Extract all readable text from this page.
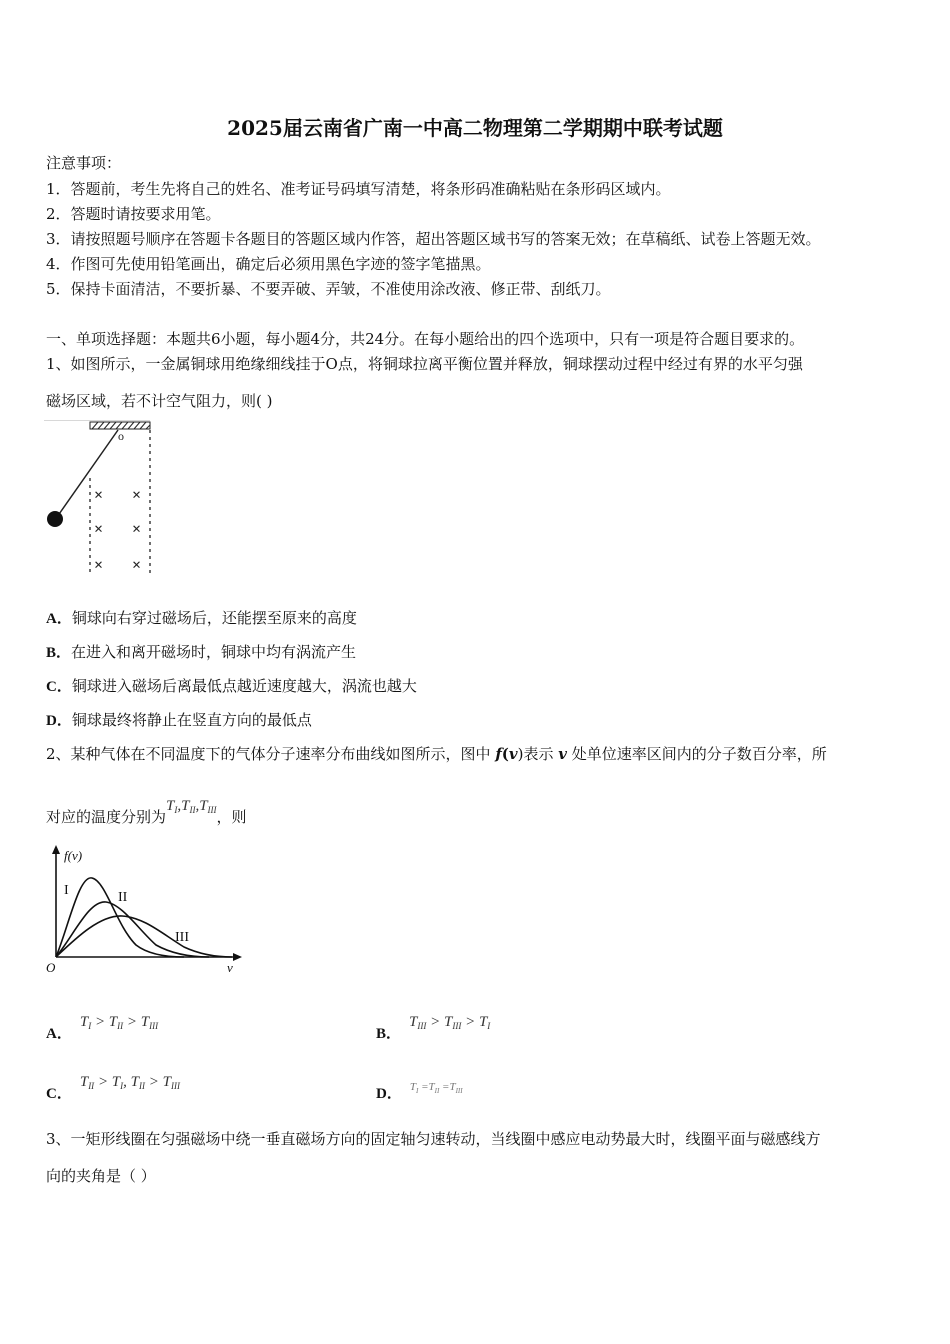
2025届云南省广南一中高二物理第二学期期中联考试题
注意事项：
1．答题前，考生先将自己的姓名、准考证号码填写清楚，将条形码准确粘贴在条形码区域内。
2．答题时请按要求用笔。
3．请按照题号顺序在答题卡各题目的答题区域内作答，超出答题区域书写的答案无效；在草稿纸、试卷上答题无效。
4．作图可先使用铅笔画出，确定后必须用黑色字迹的签字笔描黑。
5．保持卡面清洁，不要折暴、不要弄破、弄皱，不准使用涂改液、修正带、刮纸刀。
一、单项选择题：本题共6小题，每小题4分，共24分。在每小题给出的四个选项中，只有一项是符合题目要求的。
1、如图所示，一金属铜球用绝缘细线挂于O点，将铜球拉离平衡位置并释放，铜球摆动过程中经过有界的水平匀强
磁场区域，若不计空气阻力，则( )
o
× ×
× ×
× ×
A．铜球向右穿过磁场后，还能摆至原来的高度
B．在进入和离开磁场时，铜球中均有涡流产生
C．铜球进入磁场后离最低点越近速度越大，涡流也越大
D．铜球最终将静止在竖直方向的最低点
2、某种气体在不同温度下的气体分子速率分布曲线如图所示，图中 f(v)表示 v 处单位速率区间内的分子数百分率，所
对应的温度分别为$T_I,T_{II},T_{III}$，则
f(v)
v
O
I	II
III
A．$T_I > T_{II} > T_{III}$	B．$T_{III} > T_{III} > T_I$
C．$T_{II} > T_I$, $T_{II} > T_{III}$	D． $^{T_I =T_{II} =T_{III}}$
3、一矩形线圈在匀强磁场中绕一垂直磁场方向的固定轴匀速转动，当线圈中感应电动势最大时，线圈平面与磁感线方
向的夹角是（ ）
